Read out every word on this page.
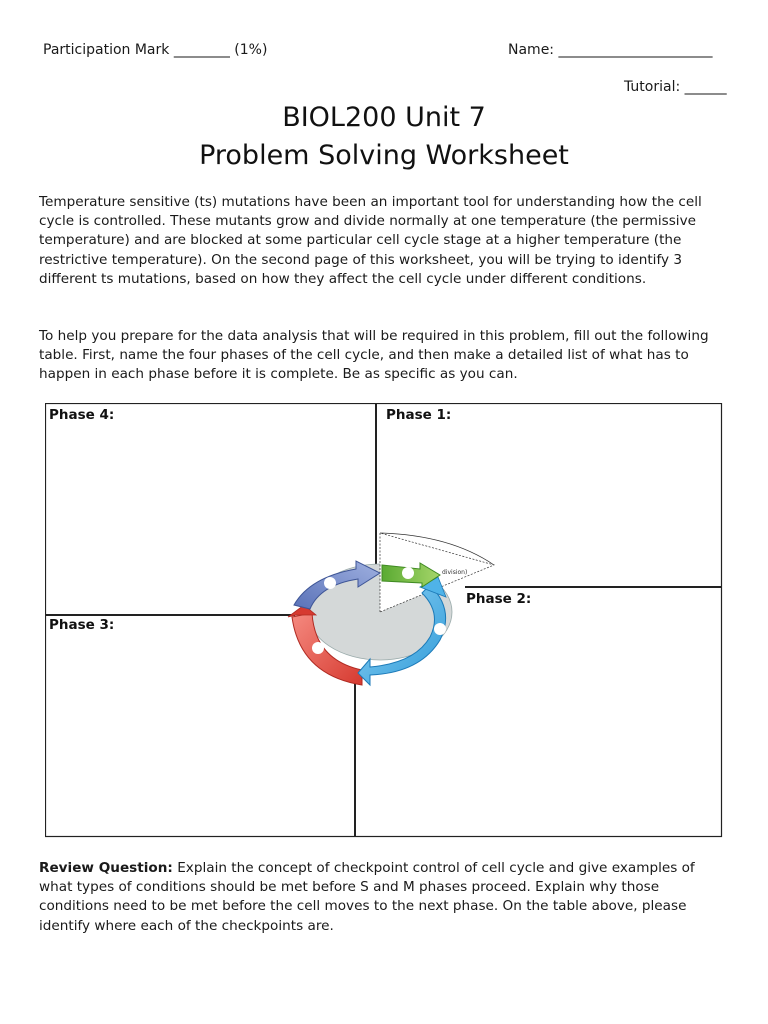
Participation Mark ________ (1%)	Name: ______________________
Tutorial: ______
BIOL200 Unit 7
Problem Solving Worksheet
Temperature sensitive (ts) mutations have been an important tool for understanding how the cell cycle is controlled. These mutants grow and divide normally at one temperature (the permissive temperature) and are blocked at some particular cell cycle stage at a higher temperature (the restrictive temperature). On the second page of this worksheet, you will be trying to identify 3 different ts mutations, based on how they affect the cell cycle under different conditions.
To help you prepare for the data analysis that will be required in this problem, fill out the following table. First, name the four phases of the cell cycle, and then make a detailed list of what has to happen in each phase before it is complete. Be as specific as you can.
Phase 4:	Phase 1:
Phase 2:
Phase 3:
division)
Review Question: Explain the concept of checkpoint control of cell cycle and give examples of what types of conditions should be met before S and M phases proceed. Explain why those conditions need to be met before the cell moves to the next phase. On the table above, please identify where each of the checkpoints are.
